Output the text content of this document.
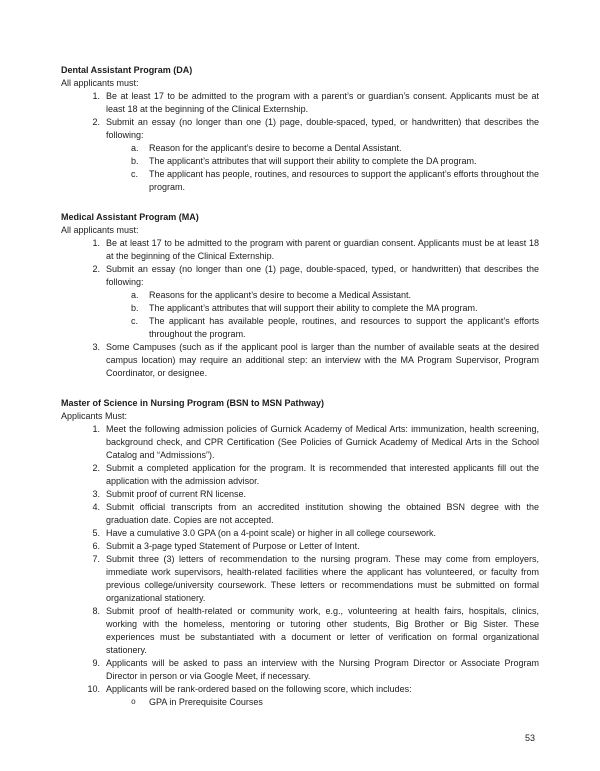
Dental Assistant Program (DA)

All applicants must:

1. Be at least 17 to be admitted to the program with a parent’s or guardian’s consent. Applicants must be at least 18 at the beginning of the Clinical Externship.
2. Submit an essay (no longer than one (1) page, double-spaced, typed, or handwritten) that describes the following:
a. Reason for the applicant’s desire to become a Dental Assistant.
b. The applicant’s attributes that will support their ability to complete the DA program.
c. The applicant has people, routines, and resources to support the applicant’s efforts throughout the program.
Medical Assistant Program (MA)

All applicants must:

1. Be at least 17 to be admitted to the program with parent or guardian consent. Applicants must be at least 18 at the beginning of the Clinical Externship.
2. Submit an essay (no longer than one (1) page, double-spaced, typed, or handwritten) that describes the following:
a. Reasons for the applicant’s desire to become a Medical Assistant.
b. The applicant’s attributes that will support their ability to complete the MA program.
c. The applicant has available people, routines, and resources to support the applicant’s efforts throughout the program.
3. Some Campuses (such as if the applicant pool is larger than the number of available seats at the desired campus location) may require an additional step: an interview with the MA Program Supervisor, Program Coordinator, or designee.
Master of Science in Nursing Program (BSN to MSN Pathway)

Applicants Must:

1. Meet the following admission policies of Gurnick Academy of Medical Arts: immunization, health screening, background check, and CPR Certification (See Policies of Gurnick Academy of Medical Arts in the School Catalog and “Admissions”).
2. Submit a completed application for the program. It is recommended that interested applicants fill out the application with the admission advisor.
3. Submit proof of current RN license.
4. Submit official transcripts from an accredited institution showing the obtained BSN degree with the graduation date. Copies are not accepted.
5. Have a cumulative 3.0 GPA (on a 4-point scale) or higher in all college coursework.
6. Submit a 3-page typed Statement of Purpose or Letter of Intent.
7. Submit three (3) letters of recommendation to the nursing program. These may come from employers, immediate work supervisors, health-related facilities where the applicant has volunteered, or faculty from previous college/university coursework. These letters or recommendations must be submitted on formal organizational stationery.
8. Submit proof of health-related or community work, e.g., volunteering at health fairs, hospitals, clinics, working with the homeless, mentoring or tutoring other students, Big Brother or Big Sister. These experiences must be substantiated with a document or letter of verification on formal organizational stationery.
9. Applicants will be asked to pass an interview with the Nursing Program Director or Associate Program Director in person or via Google Meet, if necessary.
10. Applicants will be rank-ordered based on the following score, which includes:
o GPA in Prerequisite Courses
53
